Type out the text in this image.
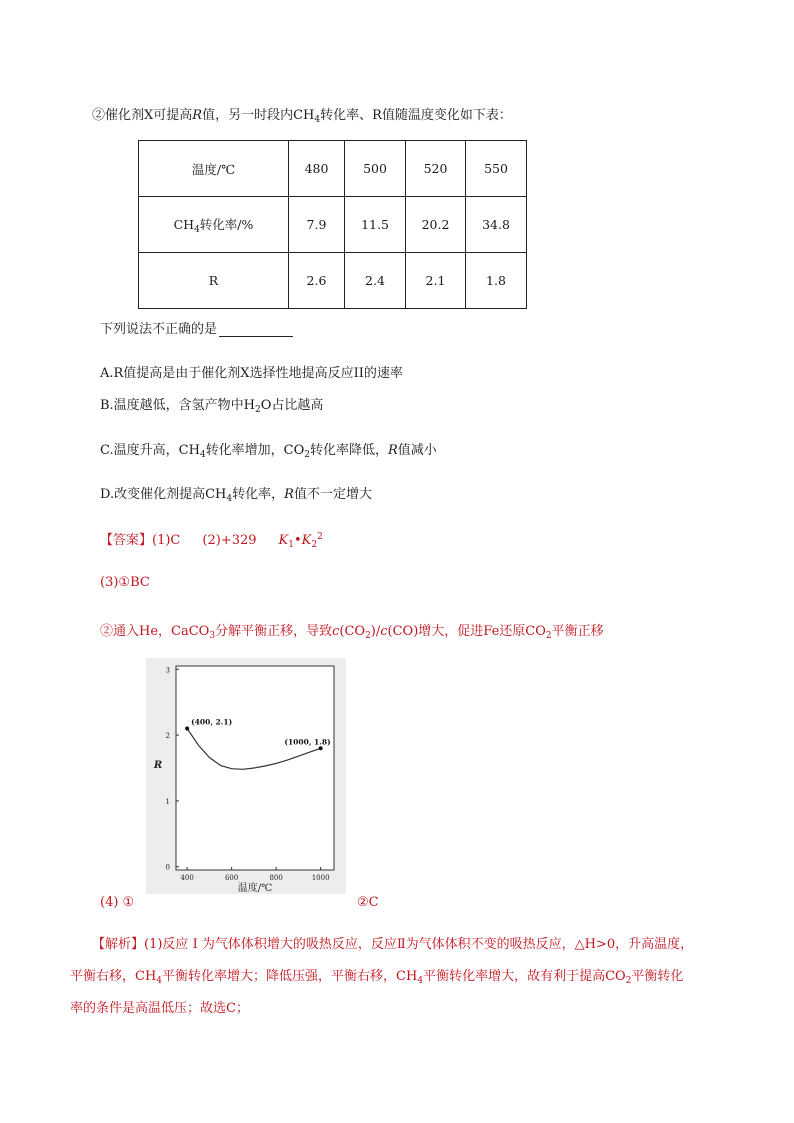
②催化剂X可提高R值，另一时段内$CH_4$转化率、R值随温度变化如下表：
温度/℃	480	500	520	550
$CH_4$转化率/%	7.9	11.5	20.2	34.8
R	2.6	2.4	2.1	1.8
下列说法不正确的是
A.R值提高是由于催化剂X选择性地提高反应II的速率
B.温度越低，含氢产物中$H_2O$占比越高
C.温度升高，$CH_4$转化率增加，$CO_2$转化率降低，R值减小
D.改变催化剂提高$CH_4$转化率，R值不一定增大
【答案】(1)C (2)+329 $K_1•K_2^2$
(3)①BC
②通入He，CaCO$_3$分解平衡正移，导致$c(CO_2)/c(CO)$增大，促进Fe还原$CO_2$平衡正移
400	600	800	1000
0
1
2
3
(400, 2.1)
(1000, 1.8)
温度/℃
R
(4) ①	②C
【解析】(1)反应 I 为气体体积增大的吸热反应，反应Ⅱ为气体体积不变的吸热反应，△H>0，升高温度，
平衡右移，$CH_4$平衡转化率增大；降低压强，平衡右移，$CH_4$平衡转化率增大，故有利于提高$CO_2$平衡转化
率的条件是高温低压；故选C；
